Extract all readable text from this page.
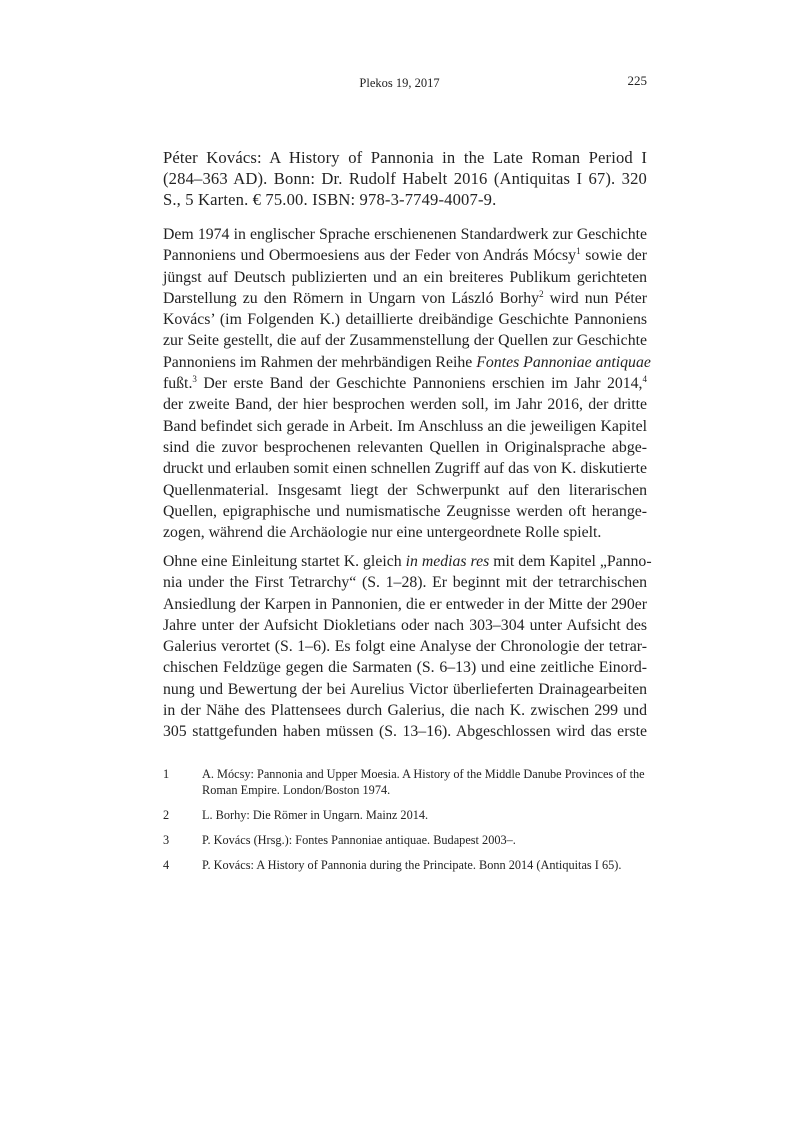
Plekos 19, 2017	225
Péter Kovács: A History of Pannonia in the Late Roman Period I
(284–363 AD). Bonn: Dr. Rudolf Habelt 2016 (Antiquitas I 67). 320
S., 5 Karten. € 75.00. ISBN: 978-3-7749-4007-9.
Dem 1974 in englischer Sprache erschienenen Standardwerk zur Geschichte
Pannoniens und Obermoesiens aus der Feder von András Mócsy$^1$ sowie der
jüngst auf Deutsch publizierten und an ein breiteres Publikum gerichteten
Darstellung zu den Römern in Ungarn von László Borhy$^2$ wird nun Péter
Kovács’ (im Folgenden K.) detaillierte dreibändige Geschichte Pannoniens
zur Seite gestellt, die auf der Zusammenstellung der Quellen zur Geschichte
Pannoniens im Rahmen der mehrbändigen Reihe Fontes Pannoniae antiquae
fußt.$^3$ Der erste Band der Geschichte Pannoniens erschien im Jahr 2014,$^4$
der zweite Band, der hier besprochen werden soll, im Jahr 2016, der dritte
Band befindet sich gerade in Arbeit. Im Anschluss an die jeweiligen Kapitel
sind die zuvor besprochenen relevanten Quellen in Originalsprache abge-
druckt und erlauben somit einen schnellen Zugriff auf das von K. diskutierte
Quellenmaterial. Insgesamt liegt der Schwerpunkt auf den literarischen
Quellen, epigraphische und numismatische Zeugnisse werden oft herange-
zogen, während die Archäologie nur eine untergeordnete Rolle spielt.
Ohne eine Einleitung startet K. gleich in medias res mit dem Kapitel „Panno-
nia under the First Tetrarchy“ (S. 1–28). Er beginnt mit der tetrarchischen
Ansiedlung der Karpen in Pannonien, die er entweder in der Mitte der 290er
Jahre unter der Aufsicht Diokletians oder nach 303–304 unter Aufsicht des
Galerius verortet (S. 1–6). Es folgt eine Analyse der Chronologie der tetrar-
chischen Feldzüge gegen die Sarmaten (S. 6–13) und eine zeitliche Einord-
nung und Bewertung der bei Aurelius Victor überlieferten Drainagearbeiten
in der Nähe des Plattensees durch Galerius, die nach K. zwischen 299 und
305 stattgefunden haben müssen (S. 13–16). Abgeschlossen wird das erste
1	A. Mócsy: Pannonia and Upper Moesia. A History of the Middle Danube Provinces of the Roman Empire. London/Boston 1974.
2	L. Borhy: Die Römer in Ungarn. Mainz 2014.
3	P. Kovács (Hrsg.): Fontes Pannoniae antiquae. Budapest 2003–.
4	P. Kovács: A History of Pannonia during the Principate. Bonn 2014 (Antiquitas I 65).
